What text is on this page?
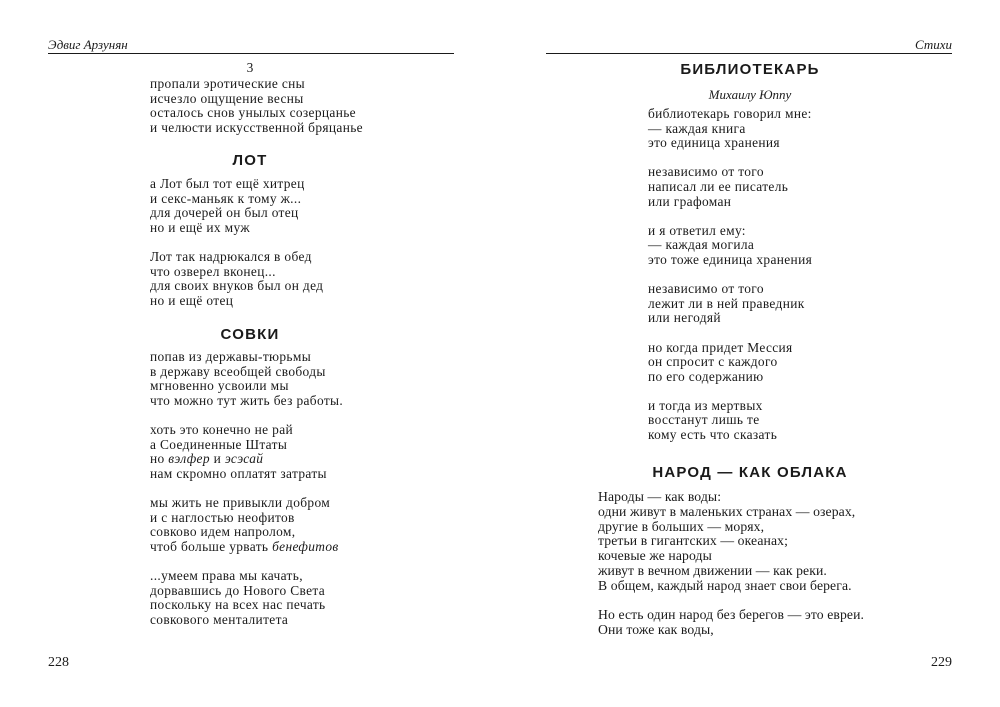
Эдвиг Арзунян
3
пропали эротические сны
исчезло ощущение весны
осталось снов унылых созерцанье
и челюсти искусственной бряцанье
ЛОТ
а Лот был тот ещё хитрец
и секс-маньяк к тому ж...
для дочерей он был отец
но и ещё их муж
Лот так надрюкался в обед
что озверел вконец...
для своих внуков был он дед
но и ещё отец
СОВКИ
попав из державы-тюрьмы
в державу всеобщей свободы
мгновенно усвоили мы
что можно тут жить без работы.
хоть это конечно не рай
а Соединенные Штаты
но вэлфер и эсэсай
нам скромно оплатят затраты
мы жить не привыкли добром
и с наглостью неофитов
совково идем напролом,
чтоб больше урвать бенефитов
...умеем права мы качать,
дорвавшись до Нового Света
поскольку на всех нас печать
совкового менталитета
228
Стихи
БИБЛИОТЕКАРЬ
Михаилу Юппу
библиотекарь говорил мне:
— каждая книга
это единица хранения
независимо от того
написал ли ее писатель
или графоман
и я ответил ему:
— каждая могила
это тоже единица хранения
независимо от того
лежит ли в ней праведник
или негодяй
но когда придет Мессия
он спросит с каждого
по его содержанию
и тогда из мертвых
восстанут лишь те
кому есть что сказать
НАРОД — КАК ОБЛАКА
Народы — как воды:
одни живут в маленьких странах — озерах,
другие в больших — морях,
третьи в гигантских — океанах;
кочевые же народы
живут в вечном движении — как реки.
В общем, каждый народ знает свои берега.
Но есть один народ без берегов — это евреи.
Они тоже как воды,
229
